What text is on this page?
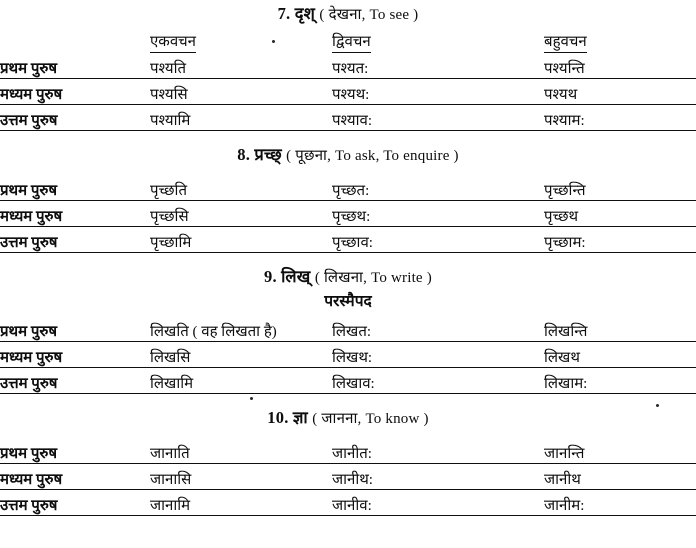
7. दृश् ( देखना, To see )
	एकवचन	द्विवचन	बहुवचन
प्रथम पुरुष	पश्यति	पश्यत:	पश्यन्ति
मध्यम पुरुष	पश्यसि	पश्यथ:	पश्यथ
उत्तम पुरुष	पश्यामि	पश्याव:	पश्याम:
8. प्रच्छ् ( पूछना, To ask, To enquire )
प्रथम पुरुष	पृच्छति	पृच्छत:	पृच्छन्ति
मध्यम पुरुष	पृच्छसि	पृच्छथ:	पृच्छथ
उत्तम पुरुष	पृच्छामि	पृच्छाव:	पृच्छाम:
9. लिख् ( लिखना, To write )
परस्मैपद
प्रथम पुरुष	लिखति ( वह लिखता है)	लिखत:	लिखन्ति
मध्यम पुरुष	लिखसि	लिखथ:	लिखथ
उत्तम पुरुष	लिखामि	लिखाव:	लिखाम:
10. ज्ञा ( जानना, To know )
प्रथम पुरुष	जानाति	जानीत:	जानन्ति
मध्यम पुरुष	जानासि	जानीथ:	जानीथ
उत्तम पुरुष	जानामि	जानीव:	जानीम:
